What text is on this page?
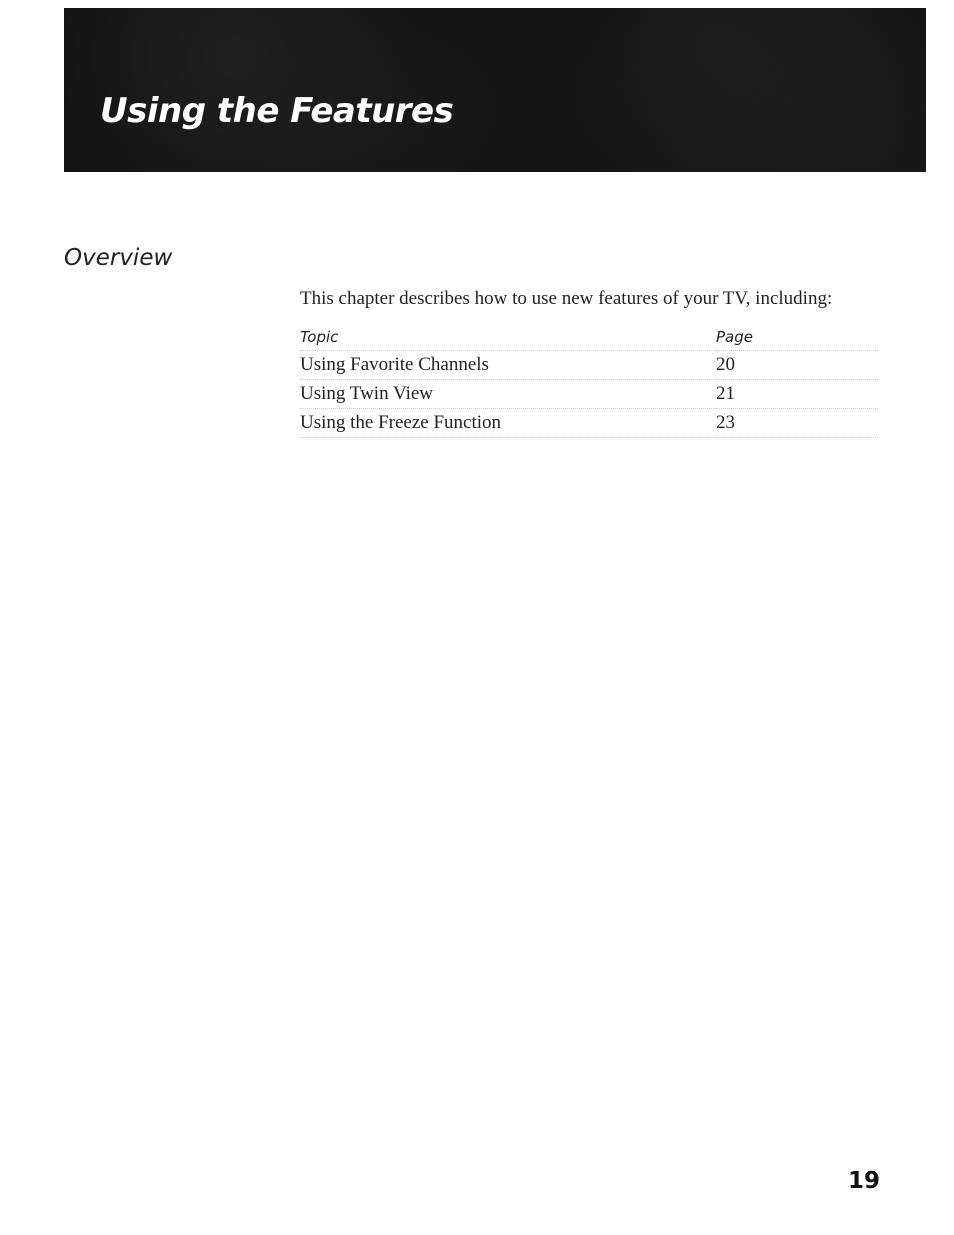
Using the Features
Overview

This chapter describes how to use new features of your TV, including:

Topic	Page
Using Favorite Channels	20
Using Twin View	21
Using the Freeze Function	23

19
